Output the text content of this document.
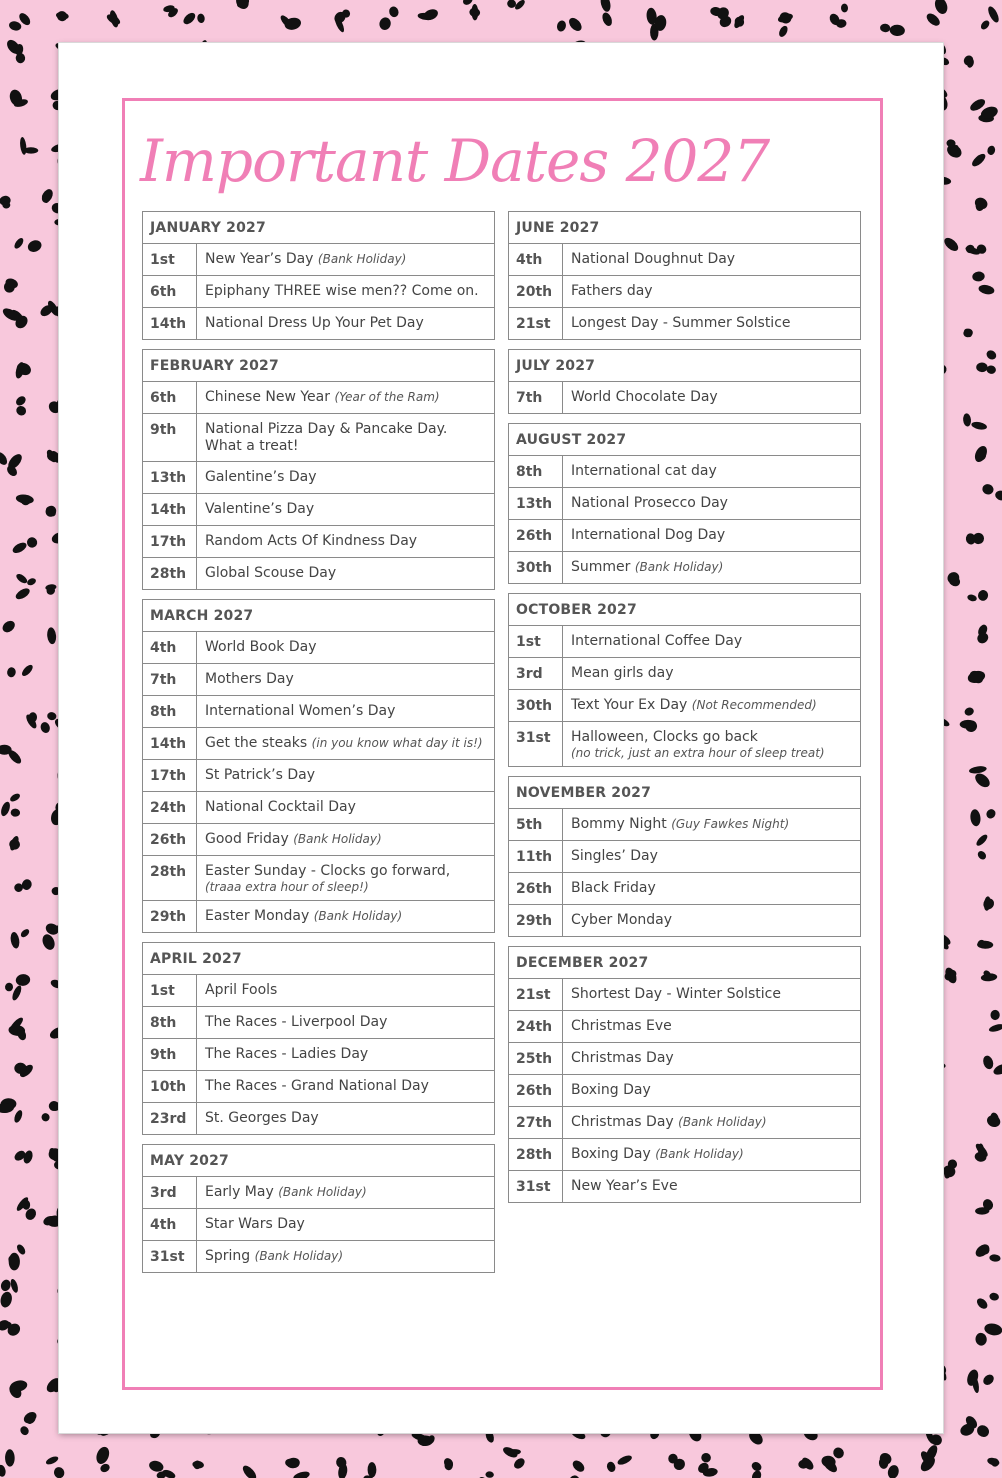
Important Dates 2027
JANUARY 2027
1st	New Year’s Day (Bank Holiday)
6th	Epiphany THREE wise men?? Come on.
14th	National Dress Up Your Pet Day
FEBRUARY 2027
6th	Chinese New Year (Year of the Ram)
9th	National Pizza Day & Pancake Day.
What a treat!
13th	Galentine’s Day
14th	Valentine’s Day
17th	Random Acts Of Kindness Day
28th	Global Scouse Day
MARCH 2027
4th	World Book Day
7th	Mothers Day
8th	International Women’s Day
14th	Get the steaks (in you know what day it is!)
17th	St Patrick’s Day
24th	National Cocktail Day
26th	Good Friday (Bank Holiday)
28th	Easter Sunday - Clocks go forward,
(traaa extra hour of sleep!)
29th	Easter Monday (Bank Holiday)
APRIL 2027
1st	April Fools
8th	The Races - Liverpool Day
9th	The Races - Ladies Day
10th	The Races - Grand National Day
23rd	St. Georges Day
MAY 2027
3rd	Early May (Bank Holiday)
4th	Star Wars Day
31st	Spring (Bank Holiday)
JUNE 2027
4th	National Doughnut Day
20th	Fathers day
21st	Longest Day - Summer Solstice
JULY 2027
7th	World Chocolate Day
AUGUST 2027
8th	International cat day
13th	National Prosecco Day
26th	International Dog Day
30th	Summer (Bank Holiday)
OCTOBER 2027
1st	International Coffee Day
3rd	Mean girls day
30th	Text Your Ex Day (Not Recommended)
31st	Halloween, Clocks go back
(no trick, just an extra hour of sleep treat)
NOVEMBER 2027
5th	Bommy Night (Guy Fawkes Night)
11th	Singles’ Day
26th	Black Friday
29th	Cyber Monday
DECEMBER 2027
21st	Shortest Day - Winter Solstice
24th	Christmas Eve
25th	Christmas Day
26th	Boxing Day
27th	Christmas Day (Bank Holiday)
28th	Boxing Day (Bank Holiday)
31st	New Year’s Eve
